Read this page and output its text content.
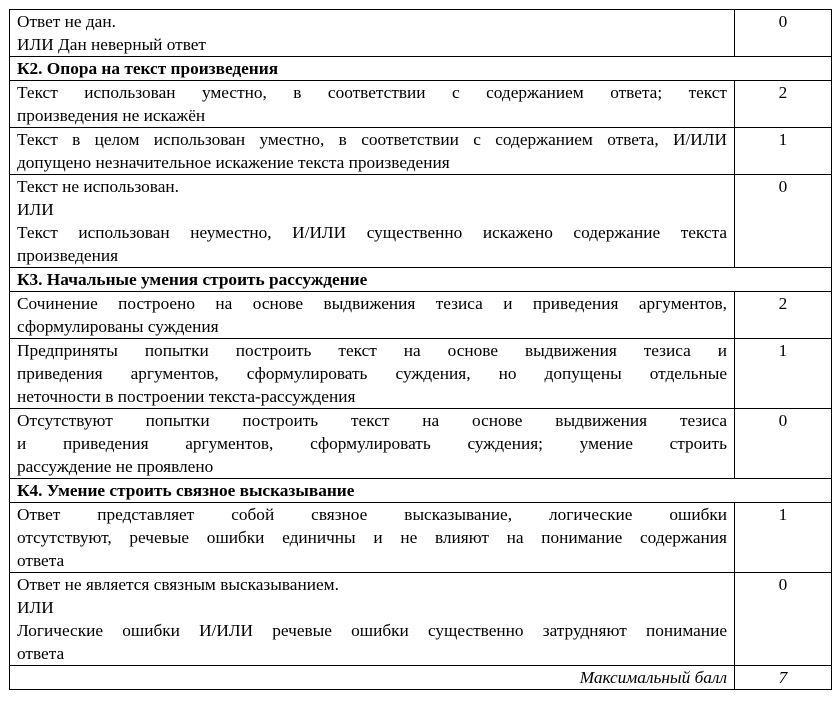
Ответ не дан.
ИЛИ Дан неверный ответ	0
К2. Опора на текст произведения	

Текст использован уместно, в соответствии с содержанием ответа; текст
произведения не искажён	2

Текст в целом использован уместно, в соответствии с содержанием ответа, И/ИЛИ
допущено незначительное искажение текста произведения	1

Текст не использован.
ИЛИ
Текст использован неуместно, И/ИЛИ существенно искажено содержание текста
произведения	0
К3. Начальные умения строить рассуждение	

Сочинение построено на основе выдвижения тезиса и приведения аргументов,
сформулированы суждения	2

Предприняты попытки построить текст на основе выдвижения тезиса и
приведения аргументов, сформулировать суждения, но допущены отдельные
неточности в построении текста-рассуждения	1

Отсутствуют попытки построить текст на основе выдвижения тезиса
и приведения аргументов, сформулировать суждения; умение строить
рассуждение не проявлено	0
К4. Умение строить связное высказывание	

Ответ представляет собой связное высказывание, логические ошибки
отсутствуют, речевые ошибки единичны и не влияют на понимание содержания
ответа	1

Ответ не является связным высказыванием.
ИЛИ
Логические ошибки И/ИЛИ речевые ошибки существенно затрудняют понимание
ответа	0
Максимальный балл	7
